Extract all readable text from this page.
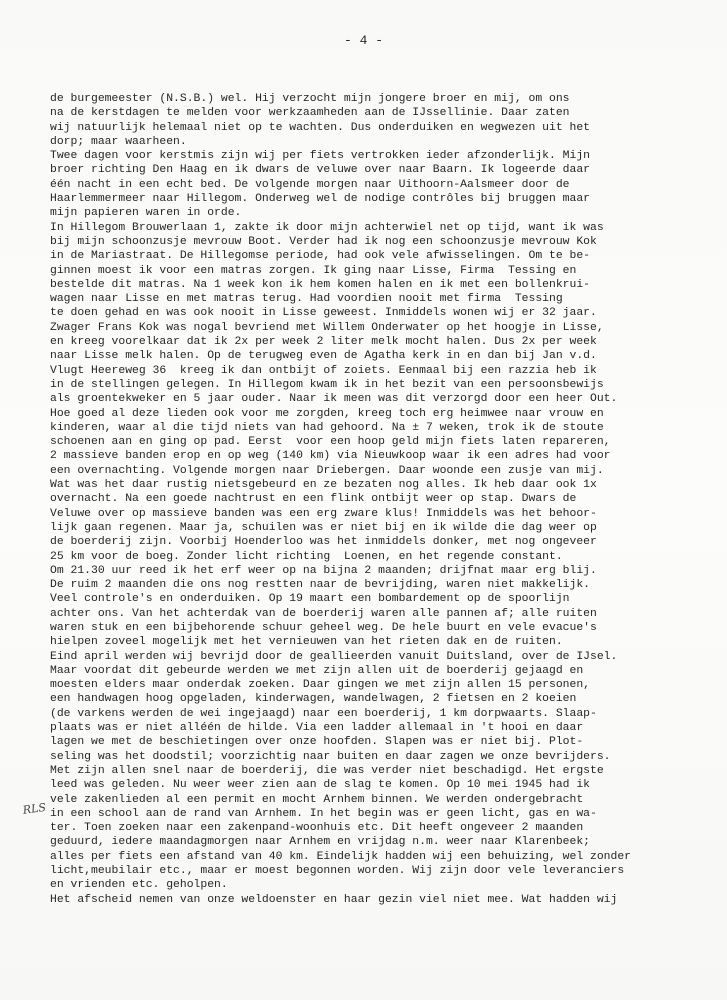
- 4 -

RLS
de burgemeester (N.S.B.) wel. Hij verzocht mijn jongere broer en mij, om ons
na de kerstdagen te melden voor werkzaamheden aan de IJssellinie. Daar zaten
wij natuurlijk helemaal niet op te wachten. Dus onderduiken en wegwezen uit het
dorp; maar waarheen.
Twee dagen voor kerstmis zijn wij per fiets vertrokken ieder afzonderlijk. Mijn
broer richting Den Haag en ik dwars de veluwe over naar Baarn. Ik logeerde daar
één nacht in een echt bed. De volgende morgen naar Uithoorn-Aalsmeer door de
Haarlemmermeer naar Hillegom. Onderweg wel de nodige contrôles bij bruggen maar
mijn papieren waren in orde.
In Hillegom Brouwerlaan 1, zakte ik door mijn achterwiel net op tijd, want ik was
bij mijn schoonzusje mevrouw Boot. Verder had ik nog een schoonzusje mevrouw Kok
in de Mariastraat. De Hillegomse periode, had ook vele afwisselingen. Om te be-
ginnen moest ik voor een matras zorgen. Ik ging naar Lisse, Firma  Tessing en
bestelde dit matras. Na 1 week kon ik hem komen halen en ik met een bollenkrui-
wagen naar Lisse en met matras terug. Had voordien nooit met firma  Tessing
te doen gehad en was ook nooit in Lisse geweest. Inmiddels wonen wij er 32 jaar.
Zwager Frans Kok was nogal bevriend met Willem Onderwater op het hoogje in Lisse,
en kreeg voorelkaar dat ik 2x per week 2 liter melk mocht halen. Dus 2x per week
naar Lisse melk halen. Op de terugweg even de Agatha kerk in en dan bij Jan v.d.
Vlugt Heereweg 36  kreeg ik dan ontbijt of zoiets. Eenmaal bij een razzia heb ik
in de stellingen gelegen. In Hillegom kwam ik in het bezit van een persoonsbewijs
als groentekweker en 5 jaar ouder. Naar ik meen was dit verzorgd door een heer Out.
Hoe goed al deze lieden ook voor me zorgden, kreeg toch erg heimwee naar vrouw en
kinderen, waar al die tijd niets van had gehoord. Na ± 7 weken, trok ik de stoute
schoenen aan en ging op pad. Eerst  voor een hoop geld mijn fiets laten repareren,
2 massieve banden erop en op weg (140 km) via Nieuwkoop waar ik een adres had voor
een overnachting. Volgende morgen naar Driebergen. Daar woonde een zusje van mij.
Wat was het daar rustig nietsgebeurd en ze bezaten nog alles. Ik heb daar ook 1x
overnacht. Na een goede nachtrust en een flink ontbijt weer op stap. Dwars de
Veluwe over op massieve banden was een erg zware klus! Inmiddels was het behoor-
lijk gaan regenen. Maar ja, schuilen was er niet bij en ik wilde die dag weer op
de boerderij zijn. Voorbij Hoenderloo was het inmiddels donker, met nog ongeveer
25 km voor de boeg. Zonder licht richting  Loenen, en het regende constant.
Om 21.30 uur reed ik het erf weer op na bijna 2 maanden; drijfnat maar erg blij.
De ruim 2 maanden die ons nog restten naar de bevrijding, waren niet makkelijk.
Veel controle's en onderduiken. Op 19 maart een bombardement op de spoorlijn
achter ons. Van het achterdak van de boerderij waren alle pannen af; alle ruiten
waren stuk en een bijbehorende schuur geheel weg. De hele buurt en vele evacue's
hielpen zoveel mogelijk met het vernieuwen van het rieten dak en de ruiten.
Eind april werden wij bevrijd door de geallieerden vanuit Duitsland, over de IJsel.
Maar voordat dit gebeurde werden we met zijn allen uit de boerderij gejaagd en
moesten elders maar onderdak zoeken. Daar gingen we met zijn allen 15 personen,
een handwagen hoog opgeladen, kinderwagen, wandelwagen, 2 fietsen en 2 koeien
(de varkens werden de wei ingejaagd) naar een boerderij, 1 km dorpwaarts. Slaap-
plaats was er niet alléén de hilde. Via een ladder allemaal in 't hooi en daar
lagen we met de beschietingen over onze hoofden. Slapen was er niet bij. Plot-
seling was het doodstil; voorzichtig naar buiten en daar zagen we onze bevrijders.
Met zijn allen snel naar de boerderij, die was verder niet beschadigd. Het ergste
leed was geleden. Nu weer weer zien aan de slag te komen. Op 10 mei 1945 had ik
vele zakenlieden al een permit en mocht Arnhem binnen. We werden ondergebracht
in een school aan de rand van Arnhem. In het begin was er geen licht, gas en wa-
ter. Toen zoeken naar een zakenpand-woonhuis etc. Dit heeft ongeveer 2 maanden
geduurd, iedere maandagmorgen naar Arnhem en vrijdag n.m. weer naar Klarenbeek;
alles per fiets een afstand van 40 km. Eindelijk hadden wij een behuizing, wel zonder
licht,meubilair etc., maar er moest begonnen worden. Wij zijn door vele leveranciers
en vrienden etc. geholpen.
Het afscheid nemen van onze weldoenster en haar gezin viel niet mee. Wat hadden wij
